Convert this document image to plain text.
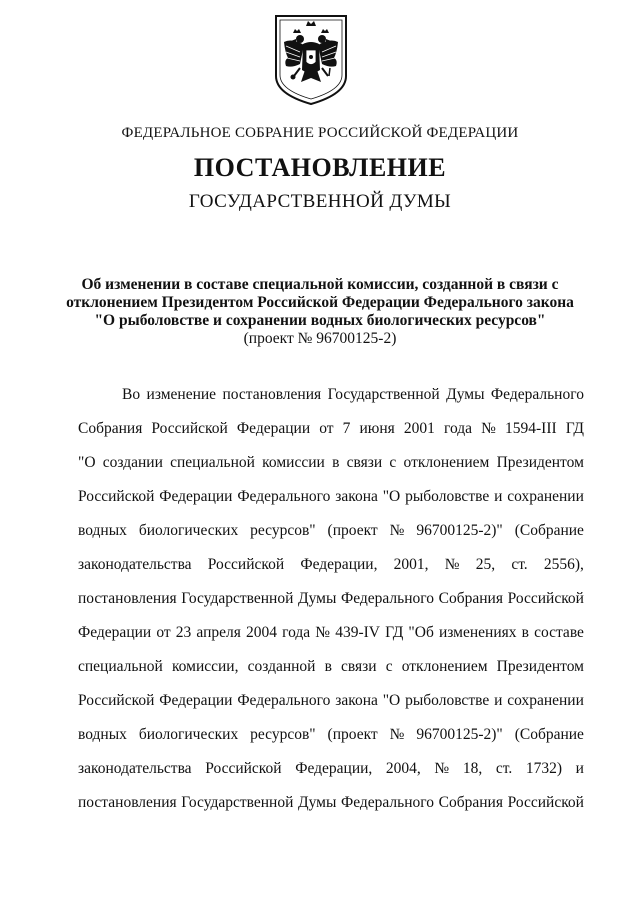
ФЕДЕРАЛЬНОЕ СОБРАНИЕ РОССИЙСКОЙ ФЕДЕРАЦИИ
ПОСТАНОВЛЕНИЕ
ГОСУДАРСТВЕННОЙ ДУМЫ
Об изменении в составе специальной комиссии, созданной в связи с
отклонением Президентом Российской Федерации Федерального закона
"О рыболовстве и сохранении водных биологических ресурсов"
(проект № 96700125-2)
Во изменение постановления Государственной Думы Федерального
Собрания Российской Федерации от 7 июня 2001 года № 1594-III ГД
"О создании специальной комиссии в связи с отклонением Президентом
Российской Федерации Федерального закона "О рыболовстве и сохранении
водных биологических ресурсов" (проект № 96700125-2)" (Собрание
законодательства Российской Федерации, 2001, № 25, ст. 2556),
постановления Государственной Думы Федерального Собрания Российской
Федерации от 23 апреля 2004 года № 439-IV ГД "Об изменениях в составе
специальной комиссии, созданной в связи с отклонением Президентом
Российской Федерации Федерального закона "О рыболовстве и сохранении
водных биологических ресурсов" (проект № 96700125-2)" (Собрание
законодательства Российской Федерации, 2004, № 18, ст. 1732) и
постановления Государственной Думы Федерального Собрания Российской
